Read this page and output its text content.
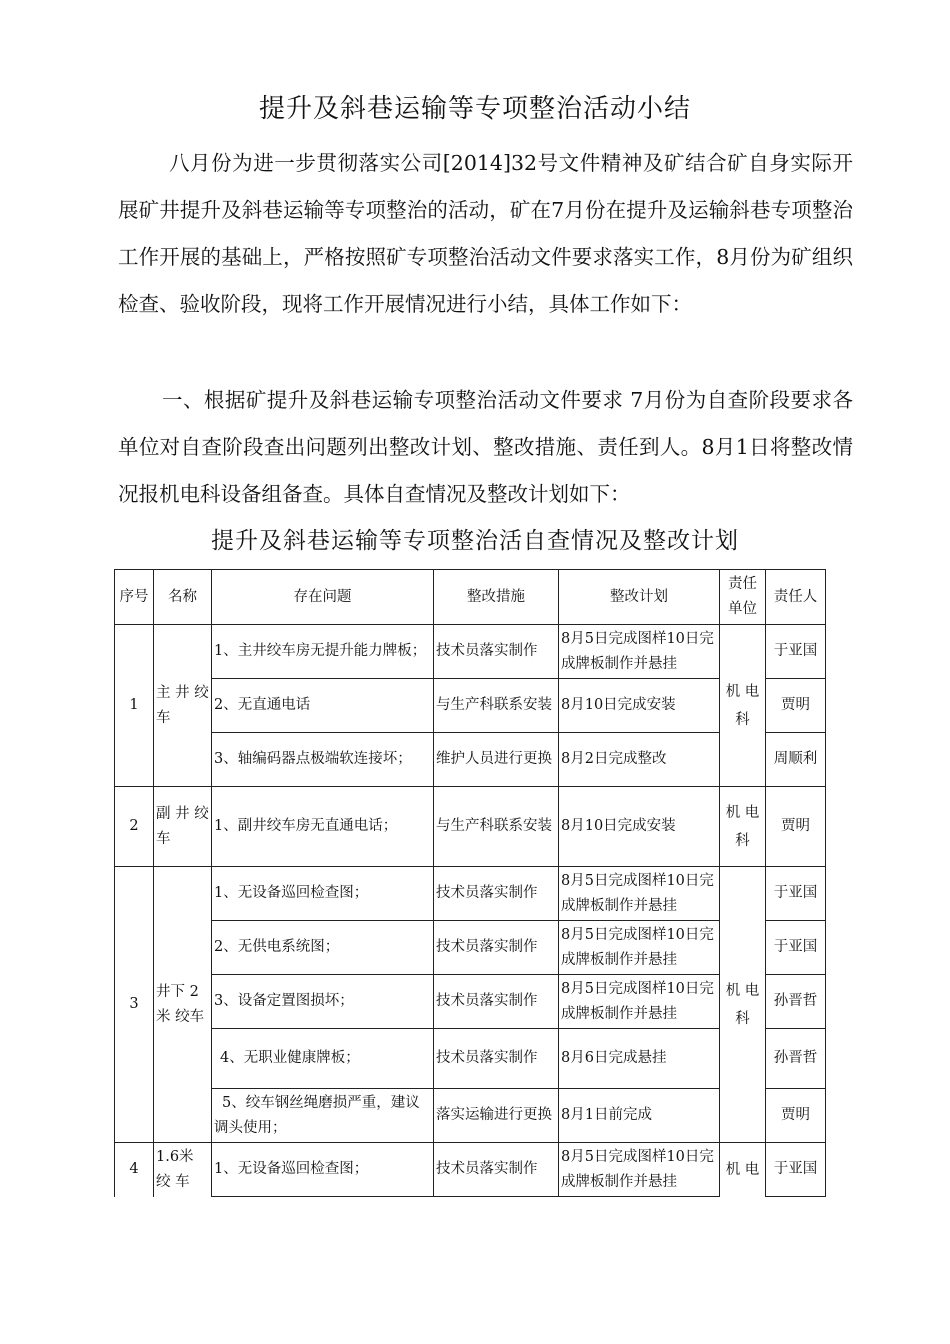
提升及斜巷运输等专项整治活动小结

八月份为进一步贯彻落实公司[2014]32号文件精神及矿结合矿自身实际开展矿井提升及斜巷运输等专项整治的活动，矿在7月份在提升及运输斜巷专项整治工作开展的基础上，严格按照矿专项整治活动文件要求落实工作，8月份为矿组织检查、验收阶段，现将工作开展情况进行小结，具体工作如下：

一、根据矿提升及斜巷运输专项整治活动文件要求 7月份为自查阶段要求各单位对自查阶段查出问题列出整改计划、整改措施、责任到人。8月1日将整改情况报机电科设备组备查。具体自查情况及整改计划如下：

提升及斜巷运输等专项整治活自查情况及整改计划
序号	名称	存在问题	整改措施	整改计划	责任单位	责任人
1	主 井 绞 车	1、主井绞车房无提升能力牌板；	技术员落实制作	8月5日完成图样10日完成牌板制作并悬挂	机 电 科	于亚国
		2、无直通电话	与生产科联系安装	8月10日完成安装		贾明
		3、轴编码器点极端软连接坏；	维护人员进行更换	8月2日完成整改		周顺利
2	副 井 绞 车	1、副井绞车房无直通电话；	与生产科联系安装	8月10日完成安装	机 电 科	贾明
3	井下 2米 绞车	1、无设备巡回检查图；	技术员落实制作	8月5日完成图样10日完成牌板制作并悬挂	机 电 科	于亚国
		2、无供电系统图；	技术员落实制作	8月5日完成图样10日完成牌板制作并悬挂		于亚国
		3、设备定置图损坏；	技术员落实制作	8月5日完成图样10日完成牌板制作并悬挂		孙晋哲
		4、无职业健康牌板；	技术员落实制作	8月6日完成悬挂		孙晋哲
		5、绞车钢丝绳磨损严重，建议调头使用；	落实运输进行更换	8月1日前完成		贾明
4	1.6米 绞 车	1、无设备巡回检查图；	技术员落实制作	8月5日完成图样10日完成牌板制作并悬挂	机 电	于亚国
